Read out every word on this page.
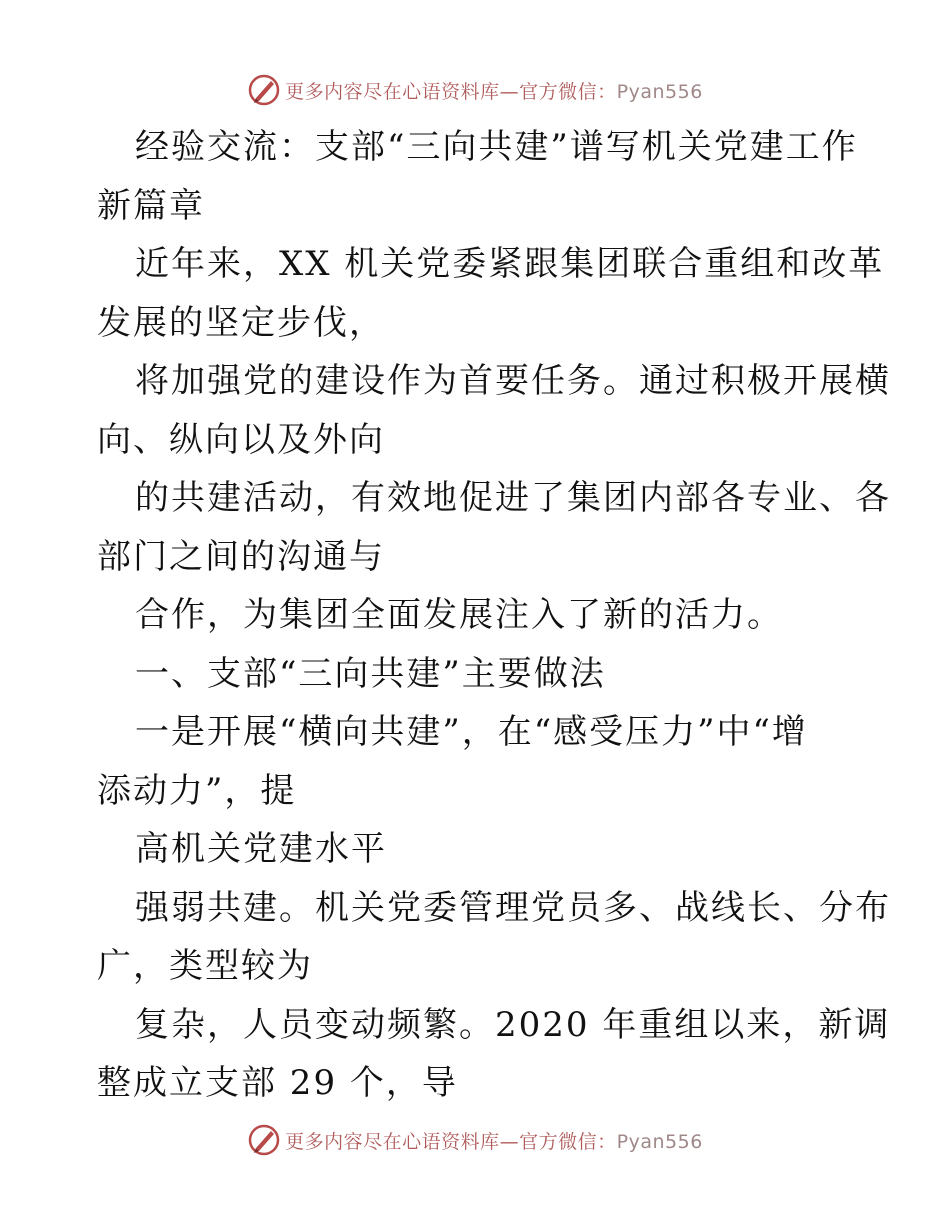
更多内容尽在心语资料库—官方微信：Pyan556
经验交流：支部“三向共建”谱写机关党建工作
新篇章
近年来，XX 机关党委紧跟集团联合重组和改革
发展的坚定步伐，
将加强党的建设作为首要任务。通过积极开展横
向、纵向以及外向
的共建活动，有效地促进了集团内部各专业、各
部门之间的沟通与
合作，为集团全面发展注入了新的活力。
一、支部“三向共建”主要做法
一是开展“横向共建”，在“感受压力”中“增
添动力”，提
高机关党建水平
强弱共建。机关党委管理党员多、战线长、分布
广，类型较为
复杂，人员变动频繁。2020 年重组以来，新调
整成立支部 29 个，导
更多内容尽在心语资料库—官方微信：Pyan556
